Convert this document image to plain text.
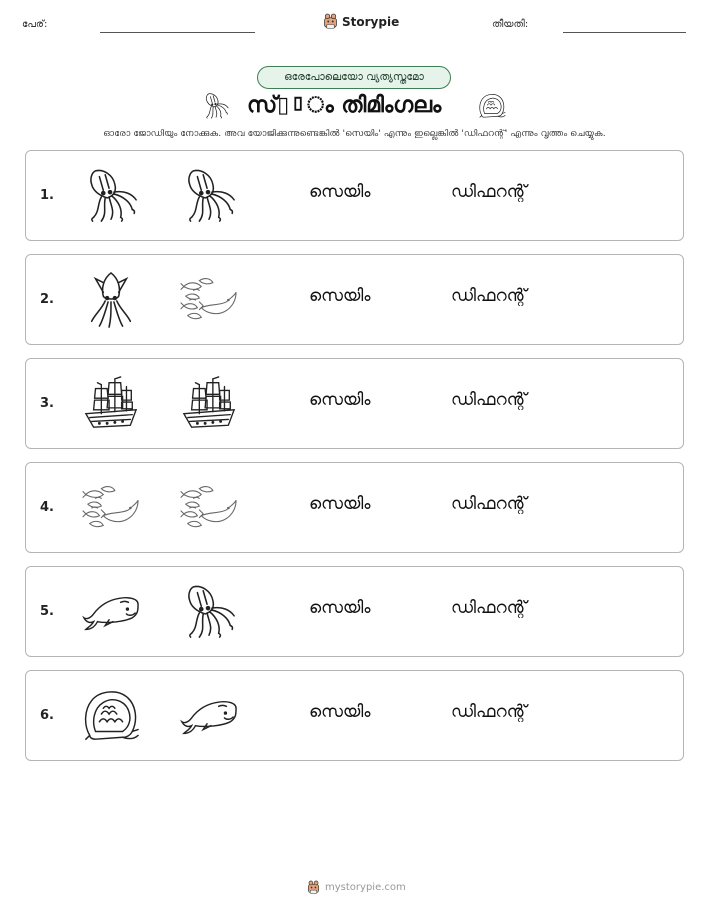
പേര്:	Storypie	തീയതി:
ഒരേപോലെയോ വ്യത്യസ്തമോ
സ്▯▯ം തിമിംഗലം
ഓരോ ജോഡിയും നോക്കുക. അവ യോജിക്കുന്നുണ്ടെങ്കിൽ 'സെയിം' എന്നും ഇല്ലെങ്കിൽ 'ഡിഫറന്റ്' എന്നും വൃത്തം ചെയ്യുക.
1.	സെയിം	ഡിഫറന്റ്
2.	സെയിം	ഡിഫറന്റ്
3.	സെയിം	ഡിഫറന്റ്
4.	സെയിം	ഡിഫറന്റ്
5.	സെയിം	ഡിഫറന്റ്
6.	സെയിം	ഡിഫറന്റ്
mystorypie.com
